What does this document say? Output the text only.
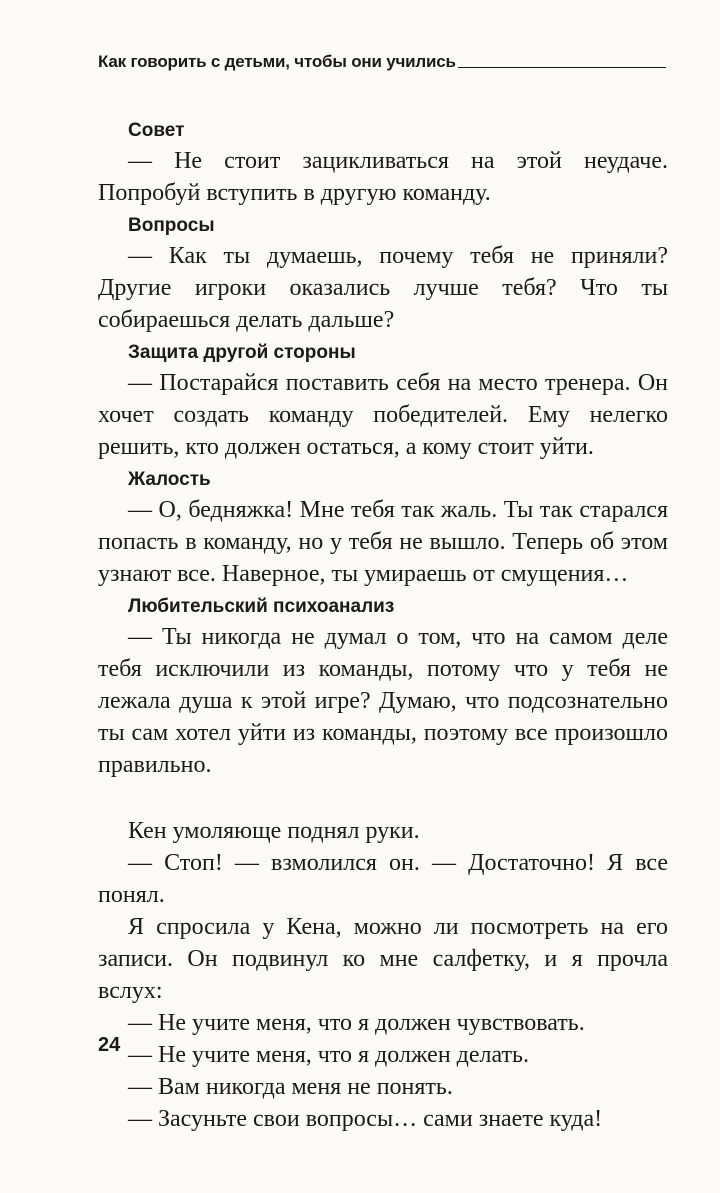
Как говорить с детьми, чтобы они учились
Совет

— Не стоит зацикливаться на этой неудаче. Попробуй вступить в другую команду.

Вопросы

— Как ты думаешь, почему тебя не приняли? Другие игроки оказались лучше тебя? Что ты собираешься делать дальше?

Защита другой стороны

— Постарайся поставить себя на место тренера. Он хочет создать команду победителей. Ему нелегко решить, кто должен остаться, а кому стоит уйти.

Жалость

— О, бедняжка! Мне тебя так жаль. Ты так старался попасть в команду, но у тебя не вышло. Теперь об этом узнают все. Наверное, ты умираешь от смущения…

Любительский психоанализ

— Ты никогда не думал о том, что на самом деле тебя исключили из команды, потому что у тебя не лежала душа к этой игре? Думаю, что подсознательно ты сам хотел уйти из команды, поэтому все произошло правильно.

Кен умоляюще поднял руки.

— Стоп! — взмолился он. — Достаточно! Я все понял.

Я спросила у Кена, можно ли посмотреть на его записи. Он подвинул ко мне салфетку, и я прочла вслух:

— Не учите меня, что я должен чувствовать.

— Не учите меня, что я должен делать.

— Вам никогда меня не понять.

— Засуньте свои вопросы… сами знаете куда!

24
